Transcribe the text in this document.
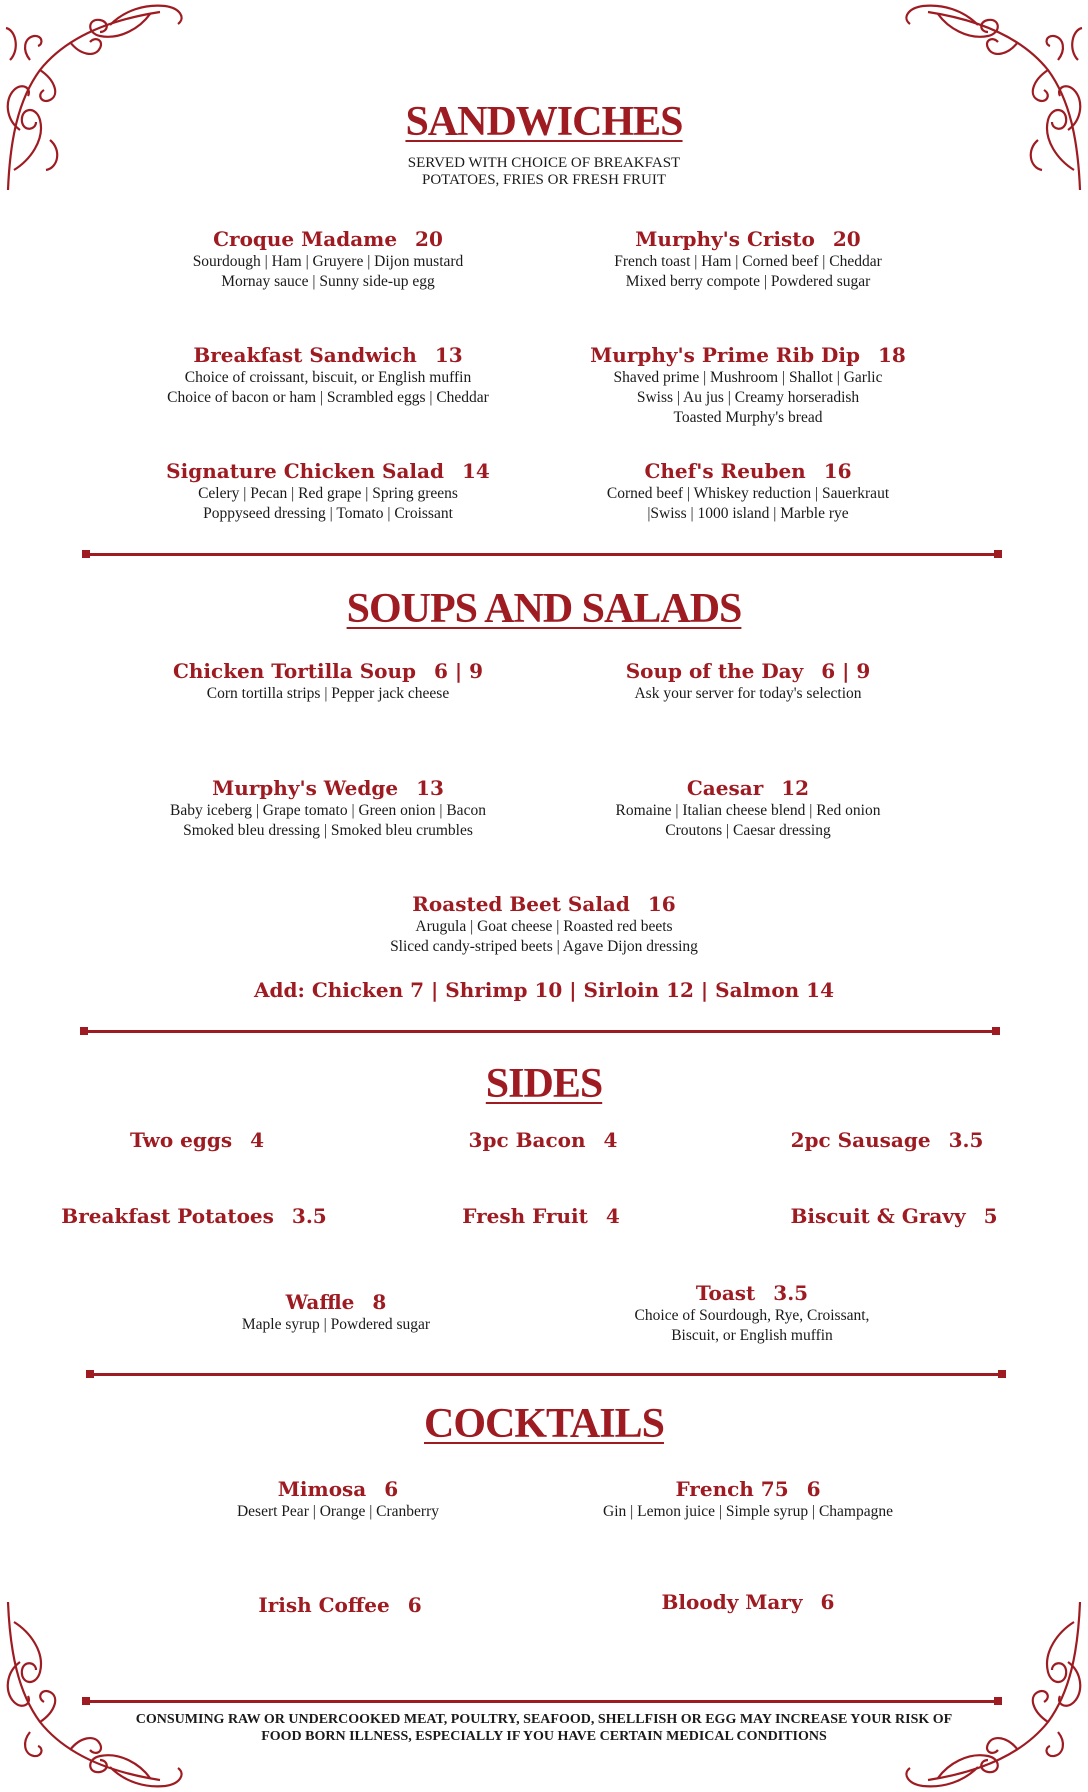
SANDWICHES
SERVED WITH CHOICE OF BREAKFAST
POTATOES, FRIES OR FRESH FRUIT
Croque Madame 20
Sourdough | Ham | Gruyere | Dijon mustard
Mornay sauce | Sunny side-up egg
Murphy's Cristo 20
French toast | Ham | Corned beef | Cheddar
Mixed berry compote | Powdered sugar
Breakfast Sandwich 13
Choice of croissant, biscuit, or English muffin
Choice of bacon or ham | Scrambled eggs | Cheddar
Murphy's Prime Rib Dip 18
Shaved prime | Mushroom | Shallot | Garlic
Swiss | Au jus | Creamy horseradish
Toasted Murphy's bread
Signature Chicken Salad 14
Celery | Pecan | Red grape | Spring greens
Poppyseed dressing | Tomato | Croissant
Chef's Reuben 16
Corned beef | Whiskey reduction | Sauerkraut
|Swiss | 1000 island | Marble rye
SOUPS AND SALADS
Chicken Tortilla Soup 6 | 9
Corn tortilla strips | Pepper jack cheese
Soup of the Day 6 | 9
Ask your server for today's selection
Murphy's Wedge 13
Baby iceberg | Grape tomato | Green onion | Bacon
Smoked bleu dressing | Smoked bleu crumbles
Caesar 12
Romaine | Italian cheese blend | Red onion
Croutons | Caesar dressing
Roasted Beet Salad 16
Arugula | Goat cheese | Roasted red beets
Sliced candy-striped beets | Agave Dijon dressing
Add: Chicken 7 | Shrimp 10 | Sirloin 12 | Salmon 14
SIDES
Two eggs 4	3pc Bacon 4	2pc Sausage 3.5
Breakfast Potatoes 3.5	Fresh Fruit 4	Biscuit & Gravy 5
Waffle 8
Maple syrup | Powdered sugar
Toast 3.5
Choice of Sourdough, Rye, Croissant,
Biscuit, or English muffin
COCKTAILS
Mimosa 6
Desert Pear | Orange | Cranberry
French 75 6
Gin | Lemon juice | Simple syrup | Champagne
Irish Coffee 6	Bloody Mary 6
CONSUMING RAW OR UNDERCOOKED MEAT, POULTRY, SEAFOOD, SHELLFISH OR EGG MAY INCREASE YOUR RISK OF
FOOD BORN ILLNESS, ESPECIALLY IF YOU HAVE CERTAIN MEDICAL CONDITIONS
